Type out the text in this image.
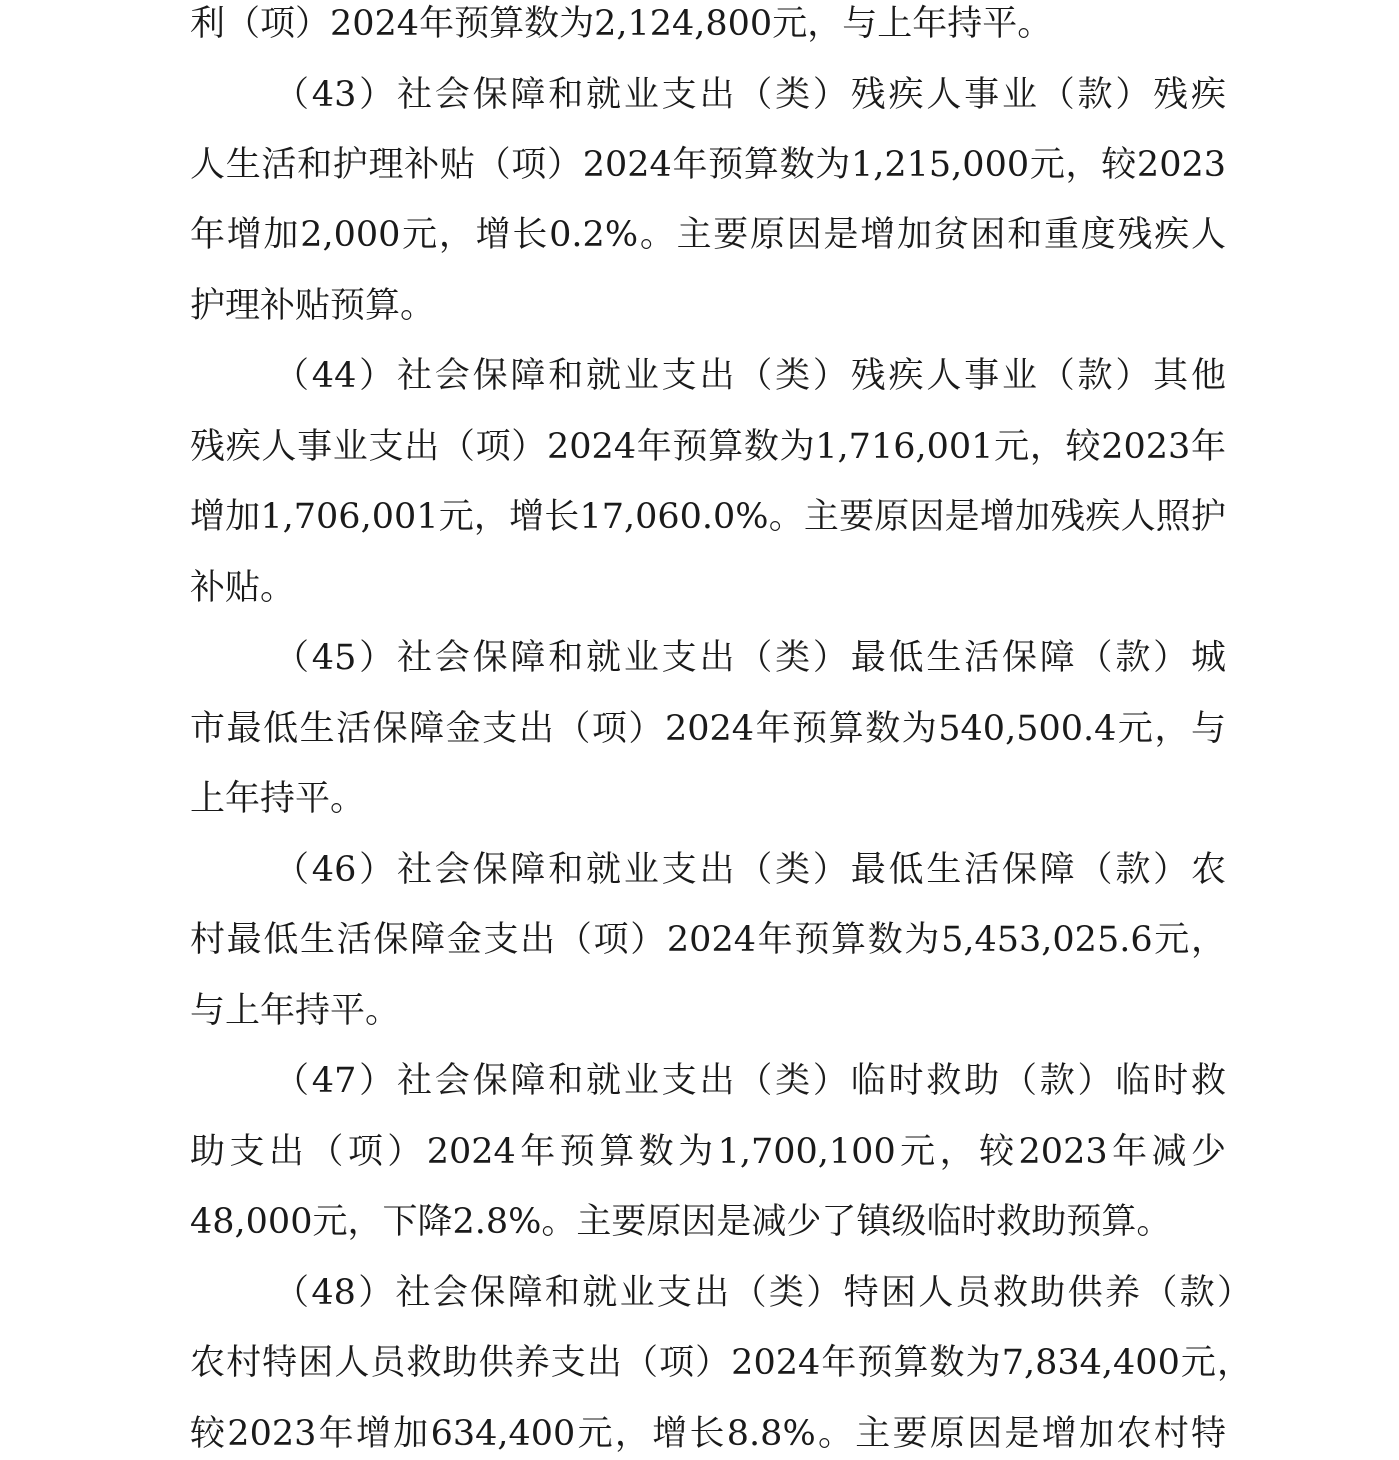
利（项）2024年预算数为2,124,800元，与上年持平。
（43）社会保障和就业支出（类）残疾人事业（款）残疾
人生活和护理补贴（项）2024年预算数为1,215,000元，较2023
年增加2,000元，增长0.2%。主要原因是增加贫困和重度残疾人
护理补贴预算。
（44）社会保障和就业支出（类）残疾人事业（款）其他
残疾人事业支出（项）2024年预算数为1,716,001元，较2023年
增加1,706,001元，增长17,060.0%。主要原因是增加残疾人照护
补贴。
（45）社会保障和就业支出（类）最低生活保障（款）城
市最低生活保障金支出（项）2024年预算数为540,500.4元，与
上年持平。
（46）社会保障和就业支出（类）最低生活保障（款）农
村最低生活保障金支出（项）2024年预算数为5,453,025.6元，
与上年持平。
（47）社会保障和就业支出（类）临时救助（款）临时救
助支出（项）2024年预算数为1,700,100元，较2023年减少
48,000元，下降2.8%。主要原因是减少了镇级临时救助预算。
（48）社会保障和就业支出（类）特困人员救助供养（款）
农村特困人员救助供养支出（项）2024年预算数为7,834,400元，
较2023年增加634,400元，增长8.8%。主要原因是增加农村特
